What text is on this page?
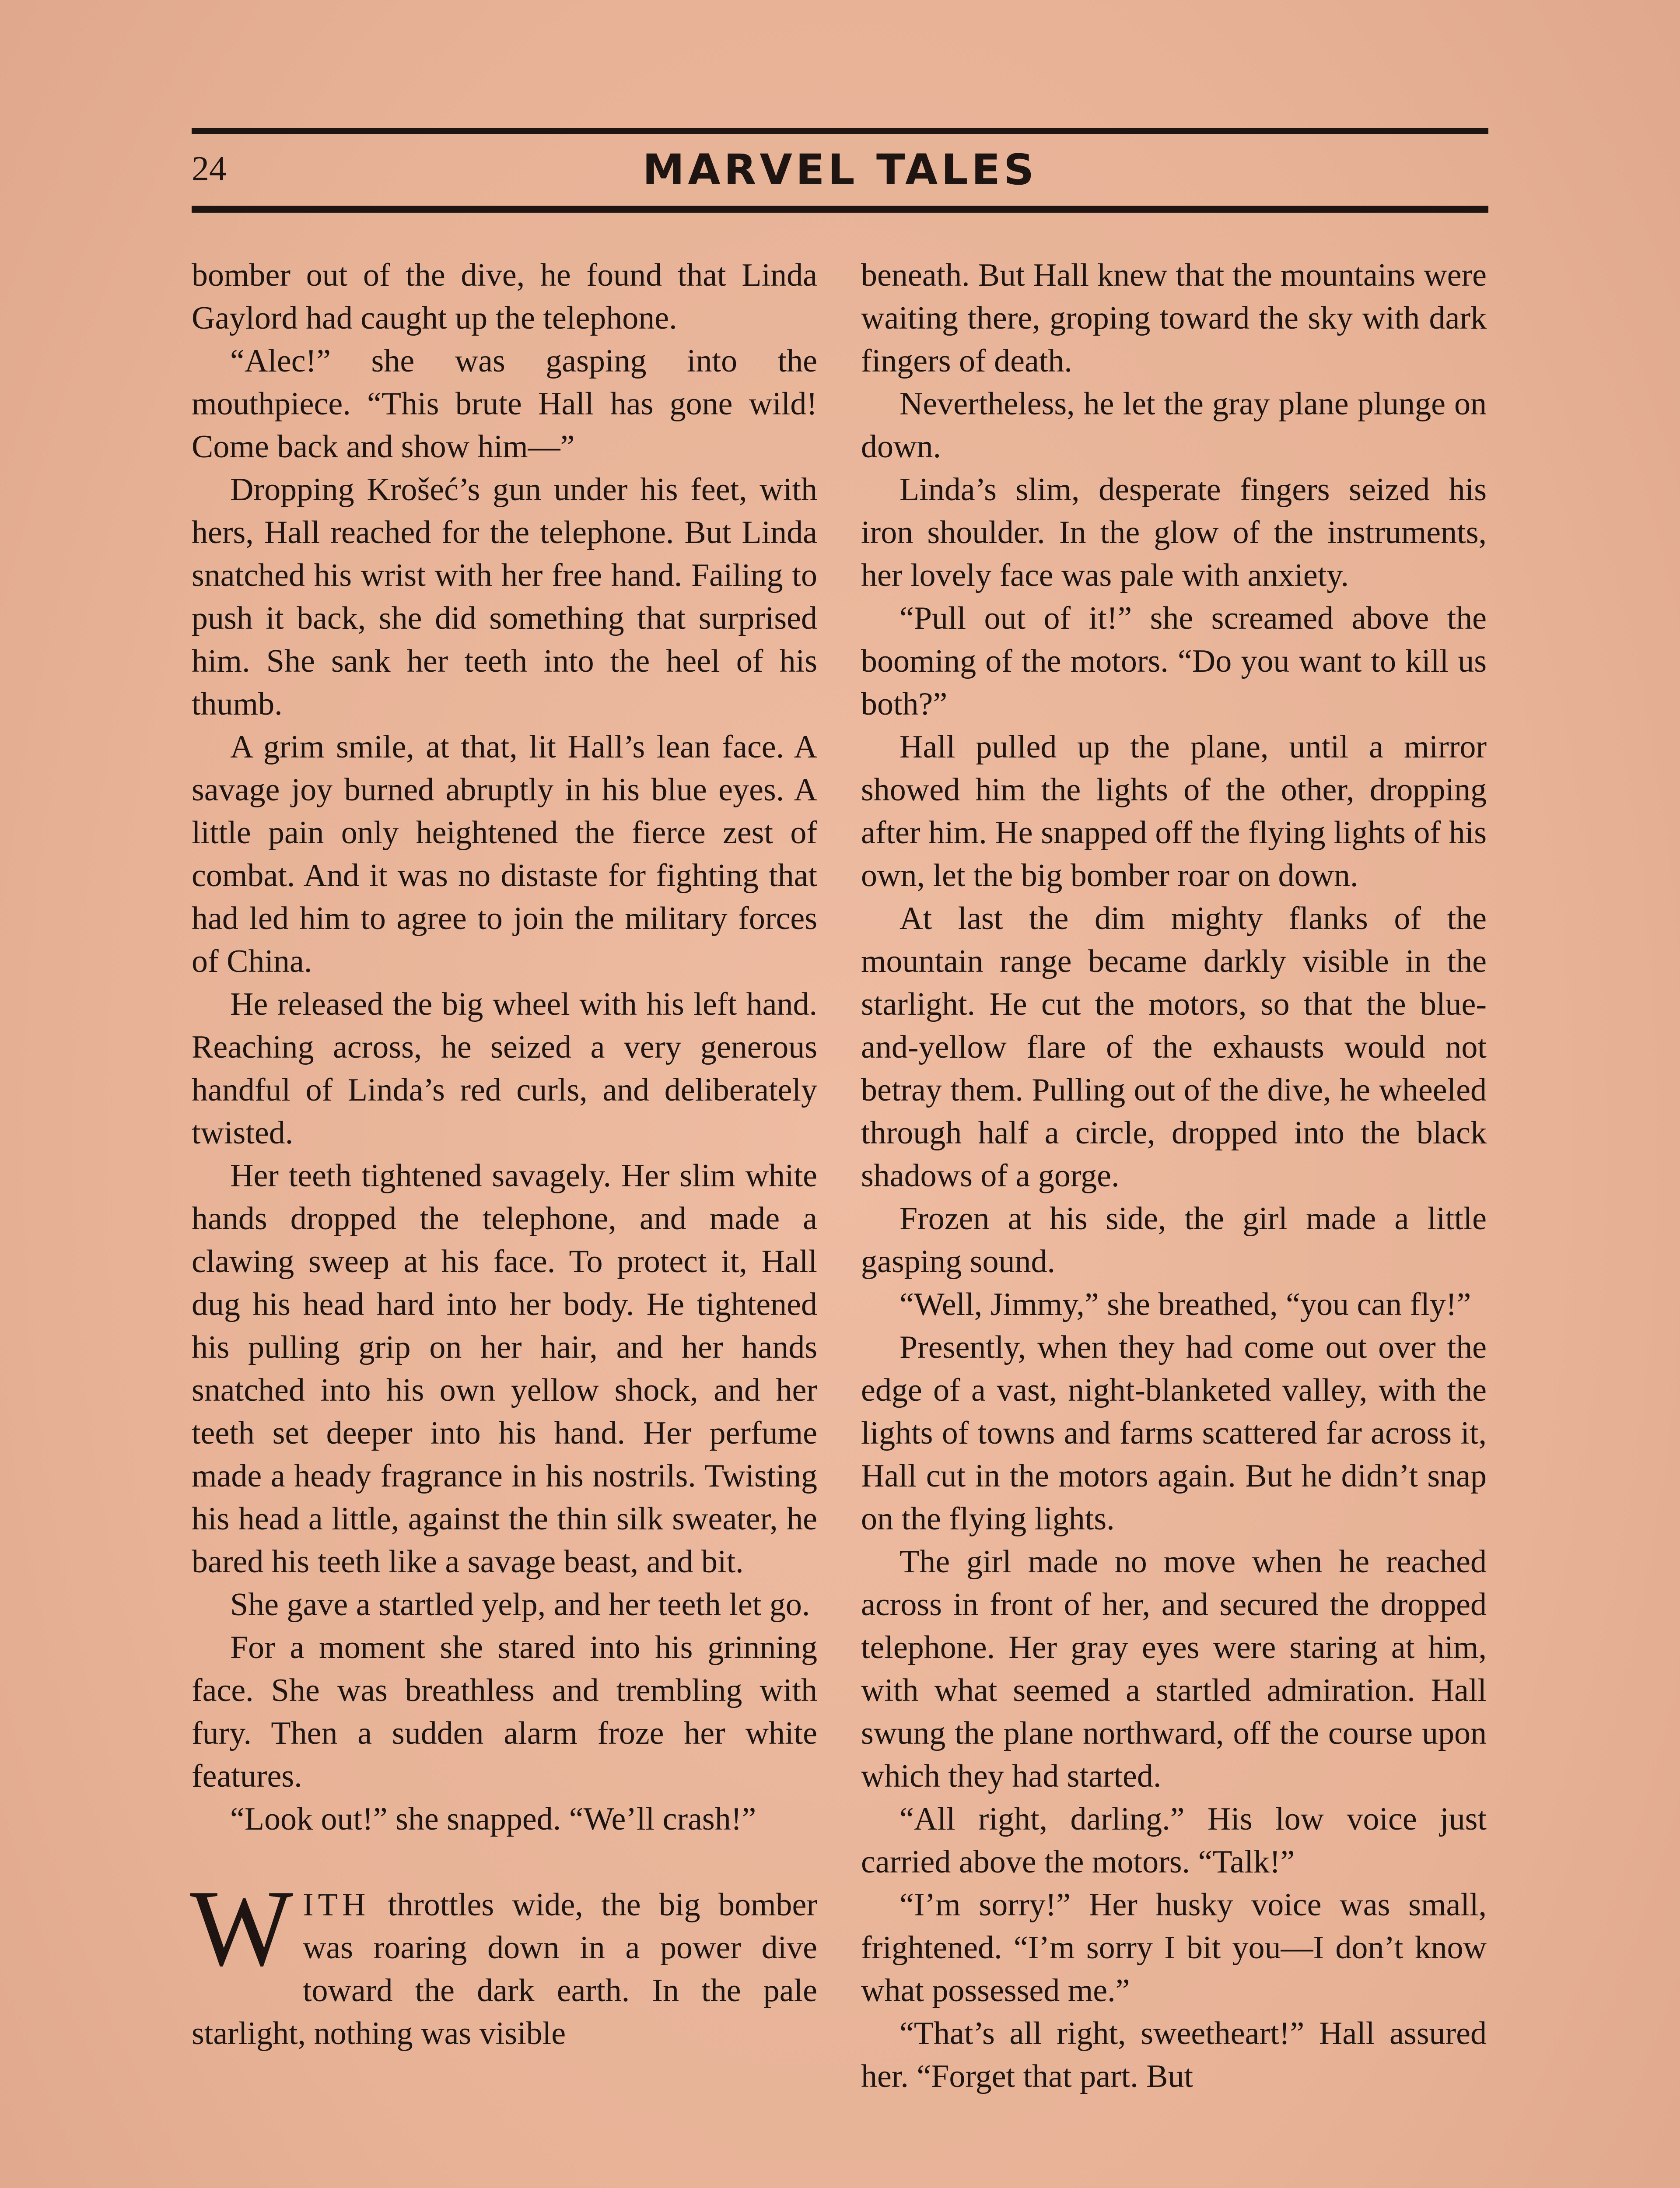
24	MARVEL TALES

bomber out of the dive, he found that Linda Gaylord had caught up the telephone.

“Alec!” she was gasping into the mouthpiece. “This brute Hall has gone wild! Come back and show him—”

Dropping Krošeć’s gun under his feet, with hers, Hall reached for the telephone. But Linda snatched his wrist with her free hand. Failing to push it back, she did something that surprised him. She sank her teeth into the heel of his thumb.

A grim smile, at that, lit Hall’s lean face. A savage joy burned abruptly in his blue eyes. A little pain only heightened the fierce zest of combat. And it was no distaste for fighting that had led him to agree to join the military forces of China.

He released the big wheel with his left hand. Reaching across, he seized a very generous handful of Linda’s red curls, and deliberately twisted.

Her teeth tightened savagely. Her slim white hands dropped the telephone, and made a clawing sweep at his face. To protect it, Hall dug his head hard into her body. He tightened his pulling grip on her hair, and her hands snatched into his own yellow shock, and her teeth set deeper into his hand. Her perfume made a heady fragrance in his nostrils. Twisting his head a little, against the thin silk sweater, he bared his teeth like a savage beast, and bit.

She gave a startled yelp, and her teeth let go.

For a moment she stared into his grinning face. She was breathless and trembling with fury. Then a sudden alarm froze her white features.

“Look out!” she snapped. “We’ll crash!”

WITH throttles wide, the big bomber was roaring down in a power dive toward the dark earth. In the pale starlight, nothing was visible

beneath. But Hall knew that the mountains were waiting there, groping toward the sky with dark fingers of death.

Nevertheless, he let the gray plane plunge on down.

Linda’s slim, desperate fingers seized his iron shoulder. In the glow of the instruments, her lovely face was pale with anxiety.

“Pull out of it!” she screamed above the booming of the motors. “Do you want to kill us both?”

Hall pulled up the plane, until a mirror showed him the lights of the other, dropping after him. He snapped off the flying lights of his own, let the big bomber roar on down.

At last the dim mighty flanks of the mountain range became darkly visible in the starlight. He cut the motors, so that the blue-and-yellow flare of the exhausts would not betray them. Pulling out of the dive, he wheeled through half a circle, dropped into the black shadows of a gorge.

Frozen at his side, the girl made a little gasping sound.

“Well, Jimmy,” she breathed, “you can fly!”

Presently, when they had come out over the edge of a vast, night-blanketed valley, with the lights of towns and farms scattered far across it, Hall cut in the motors again. But he didn’t snap on the flying lights.

The girl made no move when he reached across in front of her, and secured the dropped telephone. Her gray eyes were staring at him, with what seemed a startled admiration. Hall swung the plane northward, off the course upon which they had started.

“All right, darling.” His low voice just carried above the motors. “Talk!”

“I’m sorry!” Her husky voice was small, frightened. “I’m sorry I bit you—I don’t know what possessed me.”

“That’s all right, sweetheart!” Hall assured her. “Forget that part. But
